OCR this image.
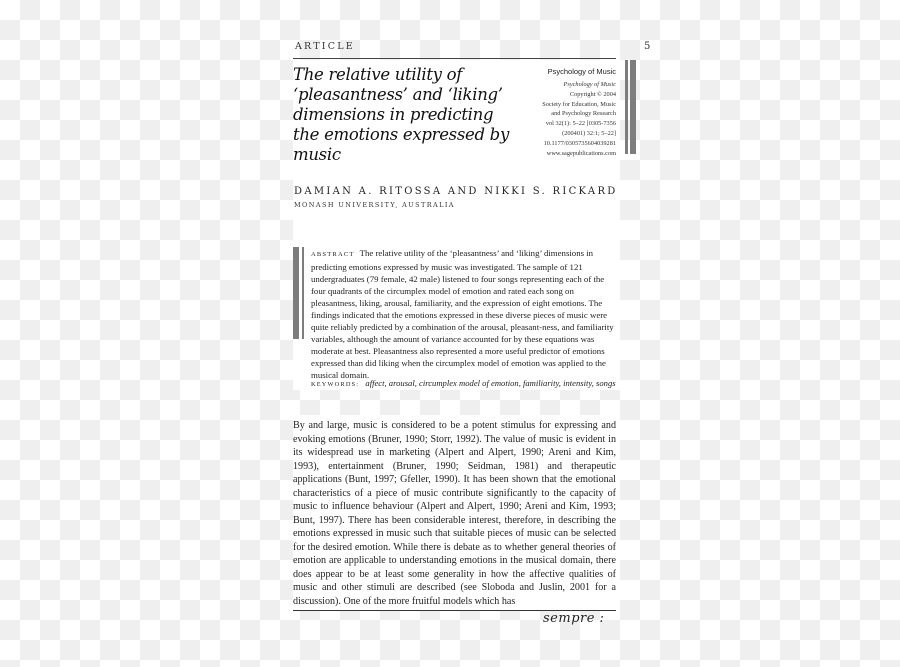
ARTICLE	5
The relative utility of ‘pleasantness’ and ‘liking’ dimensions in predicting the emotions expressed by music
Psychology of Music
Psychology of Music
Copyright © 2004
Society for Education, Music
and Psychology Research
vol 32(1): 5–22 [0305-7356
(200401) 32:1; 5–22]
10.1177/0305735604039281
www.sagepublications.com
DAMIAN A. RITOSSA AND NIKKI S. RICKARD
MONASH UNIVERSITY, AUSTRALIA
ABSTRACT The relative utility of the ‘pleasantness’ and ‘liking’ dimensions in predicting emotions expressed by music was investigated. The sample of 121 undergraduates (79 female, 42 male) listened to four songs representing each of the four quadrants of the circumplex model of emotion and rated each song on pleasantness, liking, arousal, familiarity, and the expression of eight emotions. The findings indicated that the emotions expressed in these diverse pieces of music were quite reliably predicted by a combination of the arousal, pleasant-ness, and familiarity variables, although the amount of variance accounted for by these equations was moderate at best. Pleasantness also represented a more useful predictor of emotions expressed than did liking when the circumplex model of emotion was applied to the musical domain.
KEYWORDS: affect, arousal, circumplex model of emotion, familiarity, intensity, songs

By and large, music is considered to be a potent stimulus for expressing and evoking emotions (Bruner, 1990; Storr, 1992). The value of music is evident in its widespread use in marketing (Alpert and Alpert, 1990; Areni and Kim, 1993), entertainment (Bruner, 1990; Seidman, 1981) and therapeutic applications (Bunt, 1997; Gfeller, 1990). It has been shown that the emotional characteristics of a piece of music contribute significantly to the capacity of music to influence behaviour (Alpert and Alpert, 1990; Areni and Kim, 1993; Bunt, 1997). There has been considerable interest, therefore, in describing the emotions expressed in music such that suitable pieces of music can be selected for the desired emotion. While there is debate as to whether general theories of emotion are applicable to understanding emotions in the musical domain, there does appear to be at least some generality in how the affective qualities of music and other stimuli are described (see Sloboda and Juslin, 2001 for a discussion). One of the more fruitful models which has

sempre :
